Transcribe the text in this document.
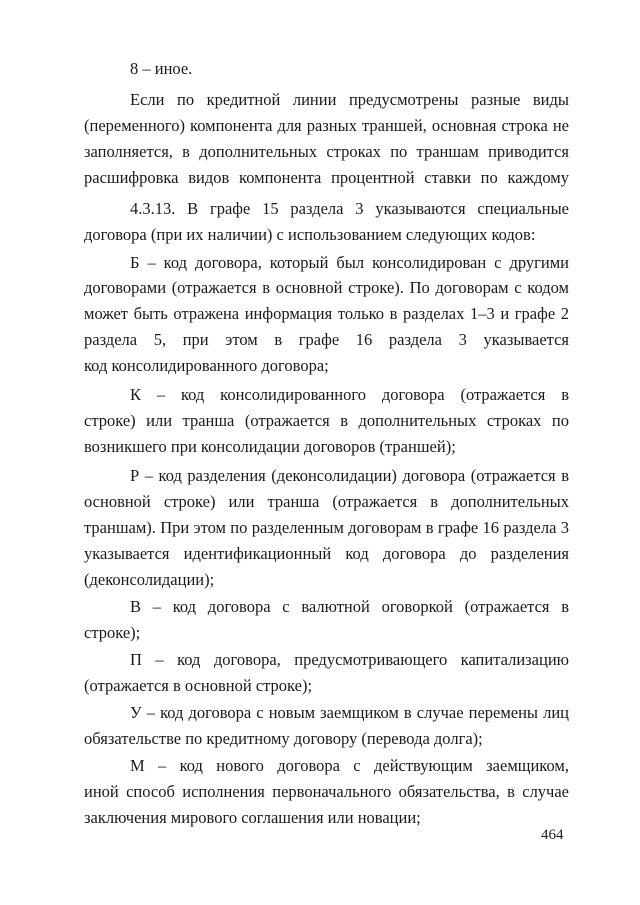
8 – иное.
Если по кредитной линии предусмотрены разные виды
(переменного) компонента для разных траншей, основная строка не
заполняется, в дополнительных строках по траншам приводится
расшифровка видов компонента процентной ставки по каждому
4.3.13. В графе 15 раздела 3 указываются специальные
договора (при их наличии) с использованием следующих кодов:
Б – код договора, который был консолидирован с другими
договорами (отражается в основной строке). По договорам с кодом
может быть отражена информация только в разделах 1–3 и графе 2
раздела 5, при этом в графе 16 раздела 3 указывается
код консолидированного договора;
К – код консолидированного договора (отражается в
строке) или транша (отражается в дополнительных строках по
возникшего при консолидации договоров (траншей);
Р – код разделения (деконсолидации) договора (отражается в
основной строке) или транша (отражается в дополнительных
траншам). При этом по разделенным договорам в графе 16 раздела 3
указывается идентификационный код договора до разделения
(деконсолидации);
В – код договора с валютной оговоркой (отражается в
строке);
П – код договора, предусмотривающего капитализацию
(отражается в основной строке);
У – код договора с новым заемщиком в случае перемены лиц
обязательстве по кредитному договору (перевода долга);
М – код нового договора с действующим заемщиком,
иной способ исполнения первоначального обязательства, в случае
заключения мирового соглашения или новации;
464
